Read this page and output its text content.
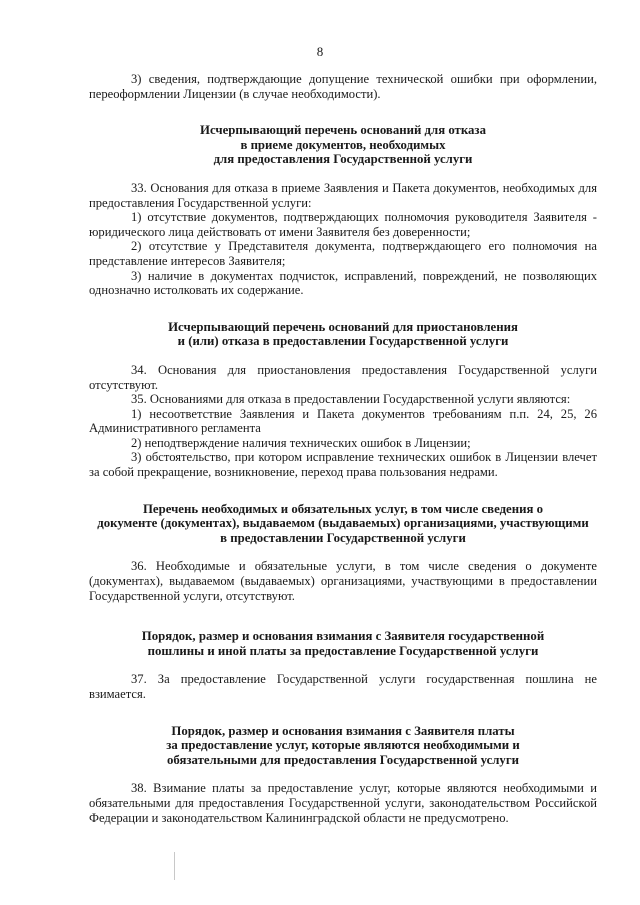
8

3) сведения, подтверждающие допущение технической ошибки при оформлении, переоформлении Лицензии (в случае необходимости).

Исчерпывающий перечень оснований для отказа

в приеме документов, необходимых

для предоставления Государственной услуги

33. Основания для отказа в приеме Заявления и Пакета документов, необходимых для предоставления Государственной услуги:

1) отсутствие документов, подтверждающих полномочия руководителя Заявителя - юридического лица действовать от имени Заявителя без доверенности;

2) отсутствие у Представителя документа, подтверждающего его полномочия на представление интересов Заявителя;

3) наличие в документах подчисток, исправлений, повреждений, не позволяющих однозначно истолковать их содержание.

Исчерпывающий перечень оснований для приостановления

и (или) отказа в предоставлении Государственной услуги

34. Основания для приостановления предоставления Государственной услуги отсутствуют.

35. Основаниями для отказа в предоставлении Государственной услуги являются:

1) несоответствие Заявления и Пакета документов требованиям п.п. 24, 25, 26 Административного регламента

2) неподтверждение наличия технических ошибок в Лицензии;

3) обстоятельство, при котором исправление технических ошибок в Лицензии влечет за собой прекращение, возникновение, переход права пользования недрами.

Перечень необходимых и обязательных услуг, в том числе сведения о

документе (документах), выдаваемом (выдаваемых) организациями, участвующими

в предоставлении Государственной услуги

36. Необходимые и обязательные услуги, в том числе сведения о документе (документах), выдаваемом (выдаваемых) организациями, участвующими в предоставлении Государственной услуги, отсутствуют.

Порядок, размер и основания взимания с Заявителя государственной

пошлины и иной платы за предоставление Государственной услуги

37. За предоставление Государственной услуги государственная пошлина не взимается.

Порядок, размер и основания взимания с Заявителя платы

за предоставление услуг, которые являются необходимыми и

обязательными для предоставления Государственной услуги

38. Взимание платы за предоставление услуг, которые являются необходимыми и обязательными для предоставления Государственной услуги, законодательством Российской Федерации и законодательством Калининградской области не предусмотрено.
